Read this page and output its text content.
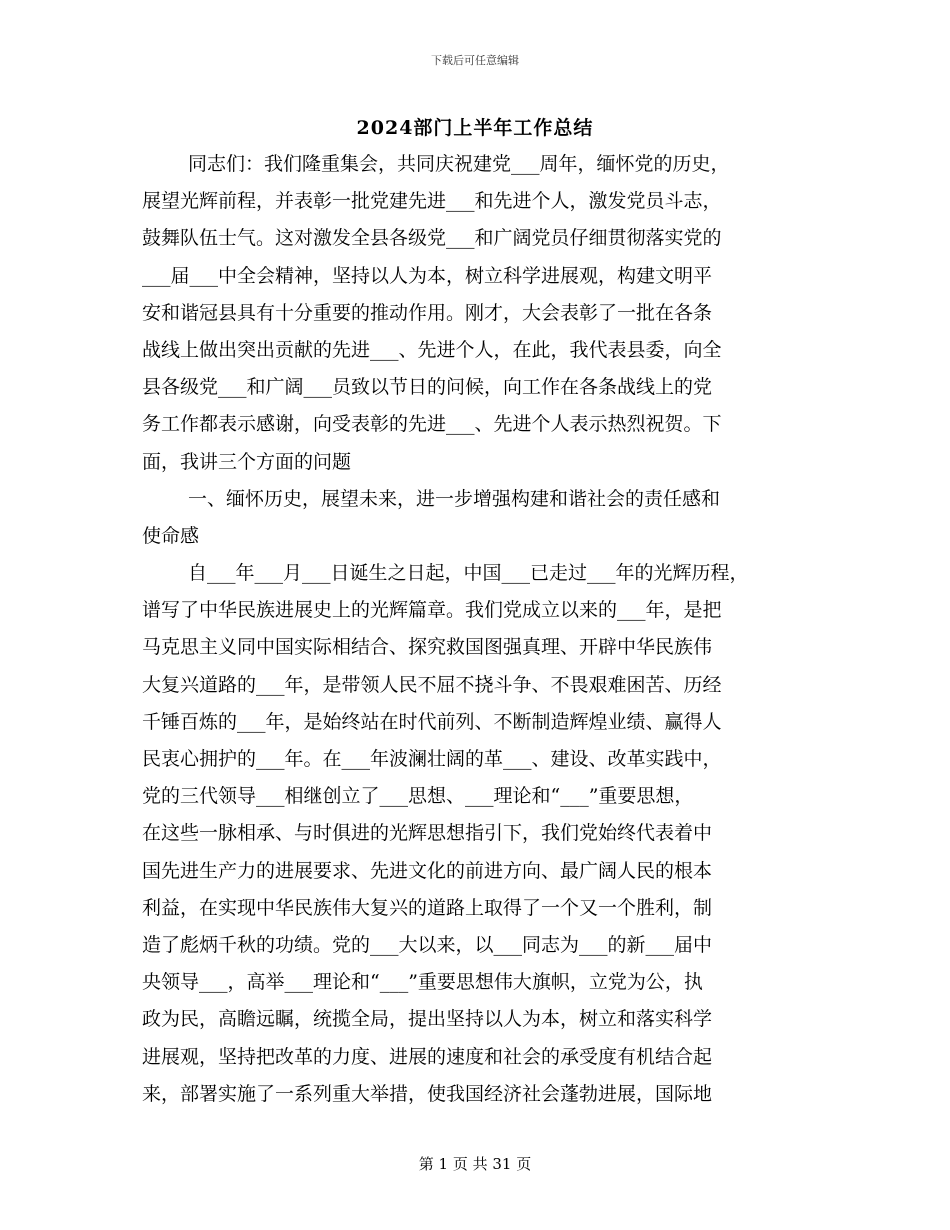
下载后可任意编辑
2024部门上半年工作总结
同志们：我们隆重集会，共同庆祝建党___周年，缅怀党的历史，
展望光辉前程，并表彰一批党建先进___和先进个人，激发党员斗志，
鼓舞队伍士气。这对激发全县各级党___和广阔党员仔细贯彻落实党的
___届___中全会精神，坚持以人为本，树立科学进展观，构建文明平
安和谐冠县具有十分重要的推动作用。刚才，大会表彰了一批在各条
战线上做出突出贡献的先进___、先进个人，在此，我代表县委，向全
县各级党___和广阔___员致以节日的问候，向工作在各条战线上的党
务工作都表示感谢，向受表彰的先进___、先进个人表示热烈祝贺。下
面，我讲三个方面的问题
一、缅怀历史，展望未来，进一步增强构建和谐社会的责任感和
使命感
自___年___月___日诞生之日起，中国___已走过___年的光辉历程，
谱写了中华民族进展史上的光辉篇章。我们党成立以来的___年，是把
马克思主义同中国实际相结合、探究救国图强真理、开辟中华民族伟
大复兴道路的___年，是带领人民不屈不挠斗争、不畏艰难困苦、历经
千锤百炼的___年，是始终站在时代前列、不断制造辉煌业绩、赢得人
民衷心拥护的___年。在___年波澜壮阔的革___、建设、改革实践中，
党的三代领导___相继创立了___思想、___理论和“___”重要思想，
在这些一脉相承、与时俱进的光辉思想指引下，我们党始终代表着中
国先进生产力的进展要求、先进文化的前进方向、最广阔人民的根本
利益，在实现中华民族伟大复兴的道路上取得了一个又一个胜利，制
造了彪炳千秋的功绩。党的___大以来，以___同志为___的新___届中
央领导___，高举___理论和“___”重要思想伟大旗帜，立党为公，执
政为民，高瞻远瞩，统揽全局，提出坚持以人为本，树立和落实科学
进展观，坚持把改革的力度、进展的速度和社会的承受度有机结合起
来，部署实施了一系列重大举措，使我国经济社会蓬勃进展，国际地
第 1 页 共 31 页
